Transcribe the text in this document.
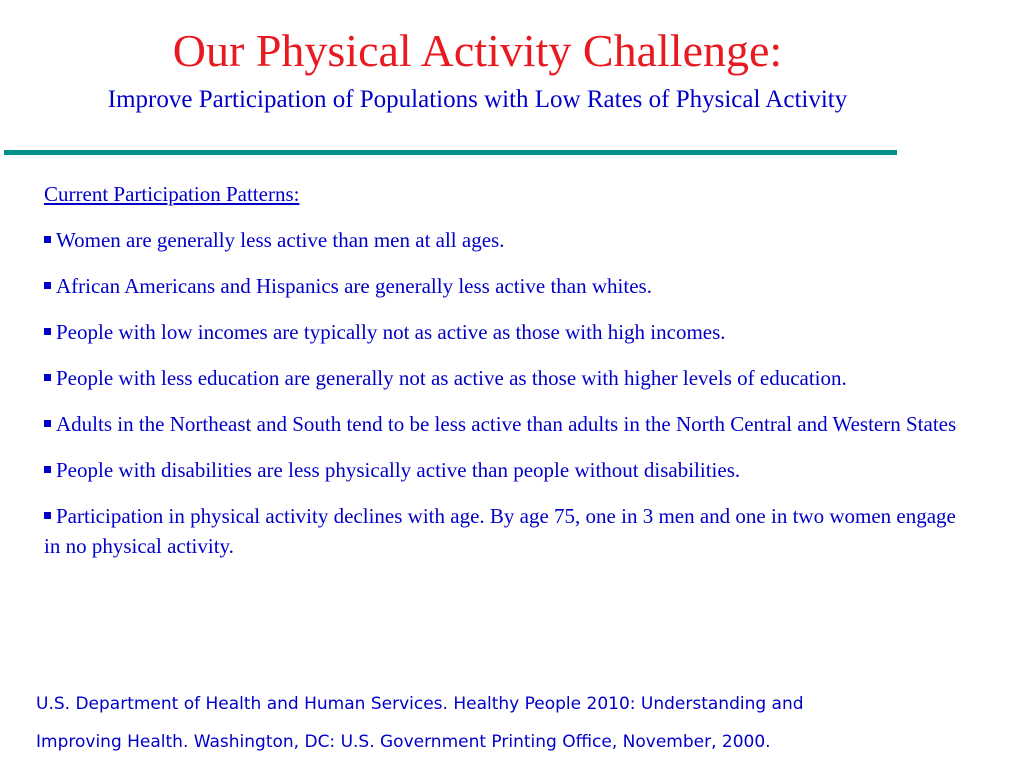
Our Physical Activity Challenge:
Improve Participation of Populations with Low Rates of Physical Activity

Current Participation Patterns:

Women are generally less active than men at all ages.
African Americans and Hispanics are generally less active than whites.
People with low incomes are typically not as active as those with high incomes.
People with less education are generally not as active as those with higher levels of education.
Adults in the Northeast and South tend to be less active than adults in the North Central and Western States
People with disabilities are less physically active than people without disabilities.
Participation in physical activity declines with age. By age 75, one in 3 men and one in two women engage in no physical activity.

U.S. Department of Health and Human Services. Healthy People 2010: Understanding and

Improving Health. Washington, DC: U.S. Government Printing Office, November, 2000.
